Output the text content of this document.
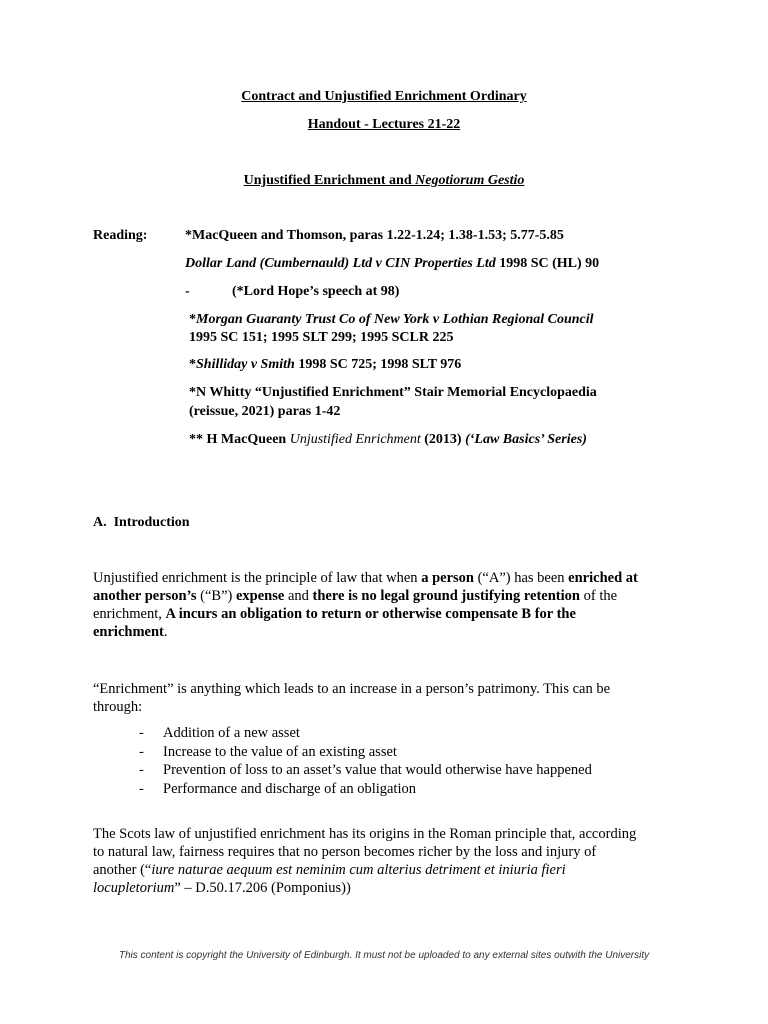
Contract and Unjustified Enrichment Ordinary
Handout - Lectures 21-22
Unjustified Enrichment and Negotiorum Gestio
Reading:	*MacQueen and Thomson, paras 1.22-1.24; 1.38-1.53; 5.77-5.85
Dollar Land (Cumbernauld) Ltd v CIN Properties Ltd 1998 SC (HL) 90
-	(*Lord Hope’s speech at 98)
*Morgan Guaranty Trust Co of New York v Lothian Regional Council
1995 SC 151; 1995 SLT 299; 1995 SCLR 225
*Shilliday v Smith 1998 SC 725; 1998 SLT 976
*N Whitty “Unjustified Enrichment” Stair Memorial Encyclopaedia
(reissue, 2021) paras 1-42
** H MacQueen Unjustified Enrichment (2013) (‘Law Basics’ Series)
A.  Introduction
Unjustified enrichment is the principle of law that when a person (“A”) has been enriched at
another person’s (“B”) expense and there is no legal ground justifying retention of the
enrichment, A incurs an obligation to return or otherwise compensate B for the
enrichment.
“Enrichment” is anything which leads to an increase in a person’s patrimony. This can be
through:
- Addition of a new asset
- Increase to the value of an existing asset
- Prevention of loss to an asset’s value that would otherwise have happened
- Performance and discharge of an obligation
The Scots law of unjustified enrichment has its origins in the Roman principle that, according
to natural law, fairness requires that no person becomes richer by the loss and injury of
another (“iure naturae aequum est neminim cum alterius detriment et iniuria fieri
locupletorium” – D.50.17.206 (Pomponius))
This content is copyright the University of Edinburgh. It must not be uploaded to any external sites outwith the University
